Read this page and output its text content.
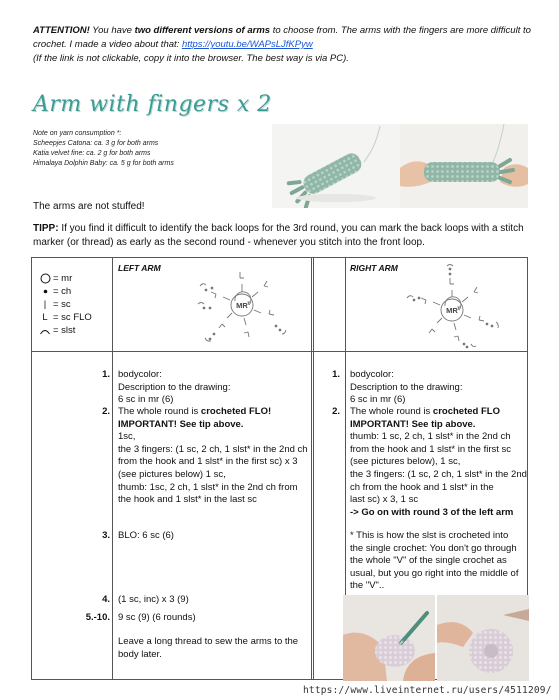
ATTENTION! You have two different versions of arms to choose from. The arms with the fingers are more difficult to crochet. I made a video about that: https://youtu.be/WAPsLJfKPyw
(If the link is not clickable, copy it into the browser. The best way is via PC).
Arm with fingers x 2
Note on yarn consumption *:
Scheepjes Catona: ca. 3 g for both arms
Katia velvet fine: ca. 2 g for both arms
Himalaya Dolphin Baby: ca. 5 g for both arms
The arms are not stuffed!
TIPP: If you find it difficult to identify the back loops for the 3rd round, you can mark the back loops with a stitch marker (or thread) as early as the second round - whenever you stitch into the front loop.
= mr
= ch
| = sc
L = sc FLO
= slst
LEFT ARM	RIGHT ARM
MR
MR
1. bodycolor:

Description to the drawing:

6 sc in mr (6)

2. The whole round is crocheted FLO!

IMPORTANT! See tip above.

1sc,

the 3 fingers: (1 sc, 2 ch, 1 slst* in the 2nd ch

from the hook and 1 slst* in the first sc) x 3

(see pictures below) 1 sc,

thumb: 1sc, 2 ch, 1 slst* in the 2nd ch from

the hook and 1 slst* in the last sc

3. BLO: 6 sc (6)

4. (1 sc, inc) x 3 (9)

5.-10. 9 sc (9) (6 rounds)

Leave a long thread to sew the arms to the

body later.

1. bodycolor:

Description to the drawing:

6 sc in mr (6)

2. The whole round is crocheted FLO

IMPORTANT! See tip above.

thumb: 1 sc, 2 ch, 1 slst* in the 2nd ch

from the hook and 1 slst* in the first sc

(see pictures below), 1 sc,

the 3 fingers: (1 sc, 2 ch, 1 slst* in the 2nd

ch from the hook and 1 slst* in the

last sc) x 3, 1 sc

-> Go on with round 3 of the left arm

* This is how the slst is crocheted into

the single crochet: You don't go through

the whole "V" of the single crochet as

usual, but you go right into the middle of

the "V"..

https://www.liveinternet.ru/users/4511209/
